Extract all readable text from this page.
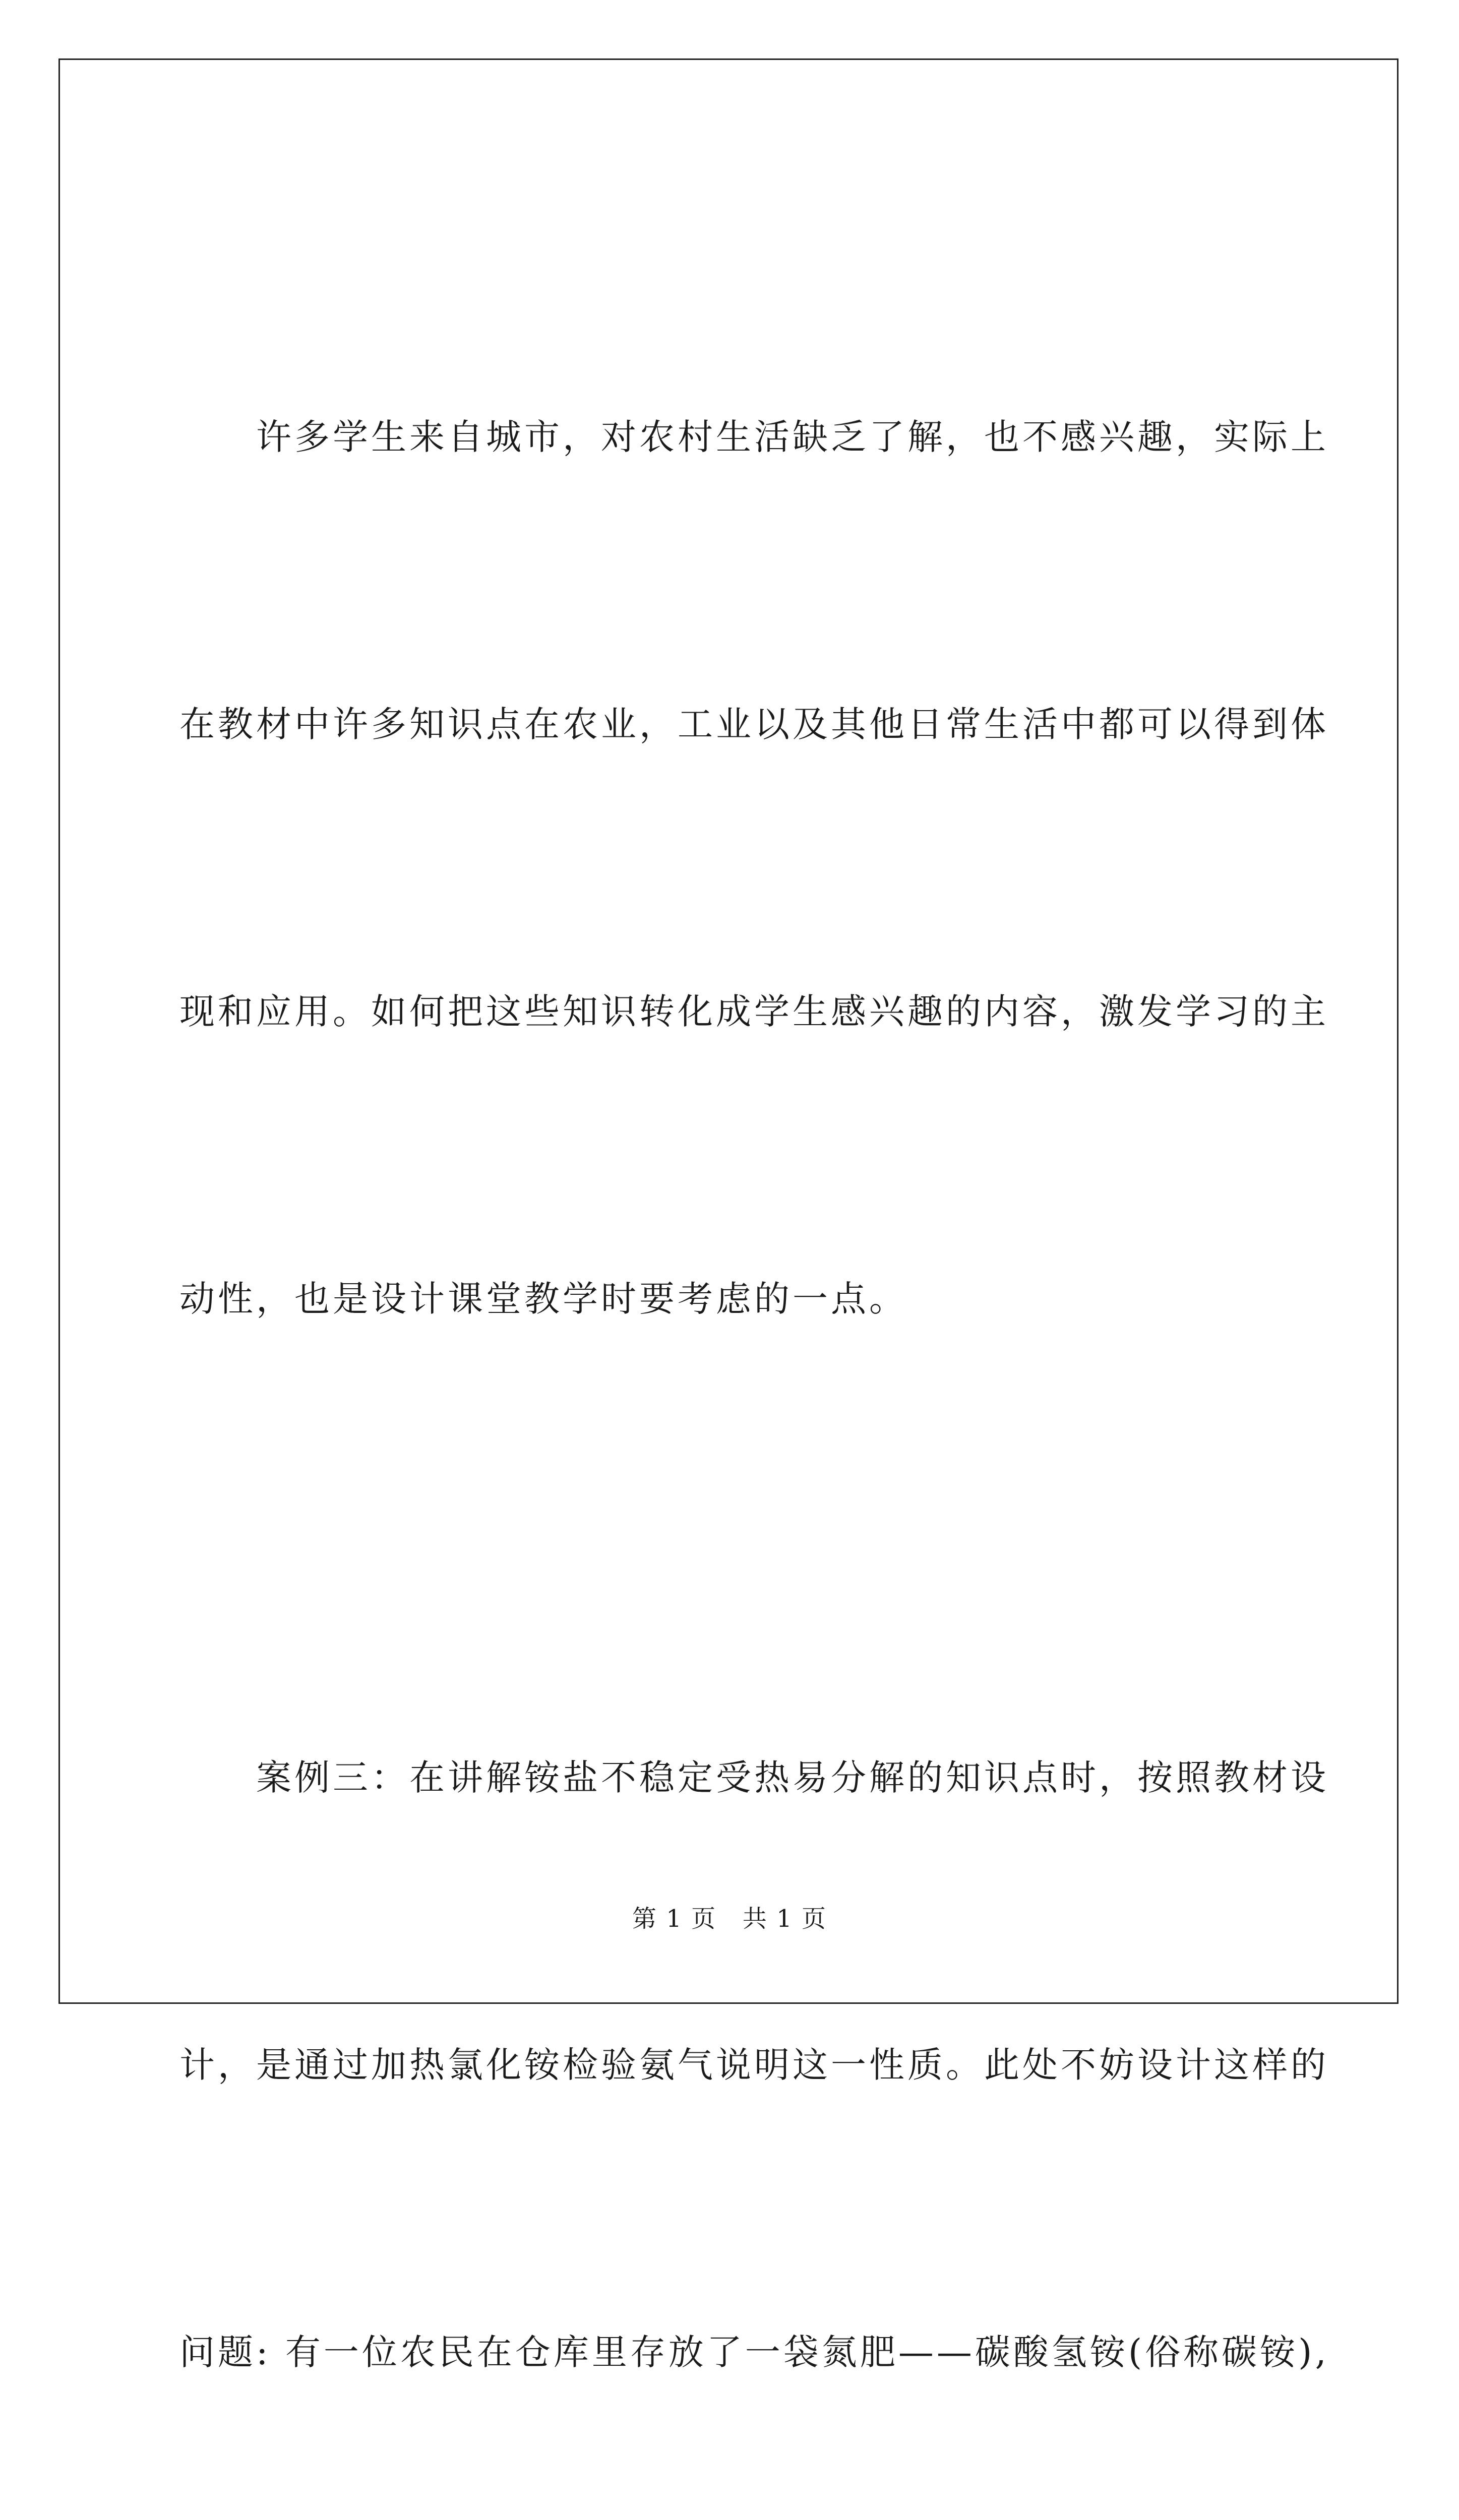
许多学生来自城市，对农村生活缺乏了解，也不感兴趣，实际上

在教材中许多知识点在农业，工业以及其他日常生活中都可以得到体

现和应用。如何把这些知识转化成学生感兴趣的内容，激发学习的主

动性，也是设计课堂教学时要考虑的一点。

案例三：在讲解铵盐不稳定受热易分解的知识点时，按照教材设

计，是通过加热氯化铵检验氨气说明这一性质。此处不妨设计这样的

问题: 有一位农民在仓库里存放了一袋氮肥——碳酸氢铵(俗称碳铵),

第 1 页 共 1 页
